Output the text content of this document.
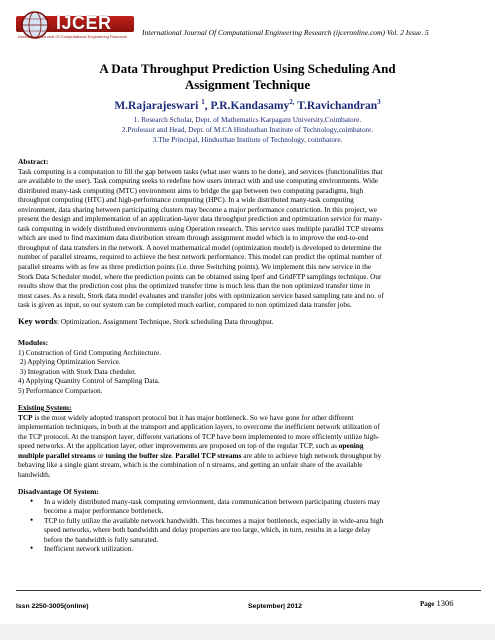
IJCER
International Journal Of Computational Engineering Research International Journal Of Computational Engineering Research (ijceronline.com) Vol. 2 Issue. 5
A Data Throughput Prediction Using Scheduling And
Assignment Technique
M.Rajarajeswari $^1$, P.R.Kandasamy$^{2,}$ T.Ravichandran$^3$
1. Research Scholar, Dept. of Mathematics Karpagam University,Coimbatore.
2.Professor and Head, Dept. of M.CA Hindusthan Institute of Technology,coimbatore.
3.The Principal, Hindusthan Institute of Technology, coimbatore.
Abstract:
Task computing is a computation to fill the gap between tasks (what user wants to be done), and services (functionalities that
are available to the user). Task computing seeks to redefine how users interact with and use computing environments. Wide
distributed many-task computing (MTC) environment aims to bridge the gap between two computing paradigms, high
throughput computing (HTC) and high-performance computing (HPC). In a wide distributed many-task computing
environment, data sharing between participating clusters may become a major performance constriction. In this project, we
present the design and implementation of an application-layer data throughput prediction and optimization service for many-
task computing in widely distributed environments using Operation research. This service uses multiple parallel TCP streams
which are used to find maximum data distribution stream through assignment model which is to improve the end-to-end
throughput of data transfers in the network. A novel mathematical model (optimization model) is developed to determine the
number of parallel streams, required to achieve the best network performance. This model can predict the optimal number of
parallel streams with as few as three prediction points (i.e. three Switching points). We implement this new service in the
Stork Data Scheduler model, where the prediction points can be obtained using Iperf and GridFTP samplings technique. Our
results show that the prediction cost plus the optimized transfer time is much less than the non optimized transfer time in
most cases. As a result, Stork data model evaluates and transfer jobs with optimization service based sampling rate and no. of
task is given as input, so our system can be completed much earlier, compared to non optimized data transfer jobs.
Key words: Optimization, Assignment Technique, Stork scheduling Data throughput.
Modules:
1) Construction of Grid Computing Architecture.
2) Applying Optimization Service.
3) Integration with Stork Data cheduler.
4) Applying Quantity Control of Sampling Data.
5) Performance Comparison.
Existing System:
TCP is the most widely adopted transport protocol but it has major bottleneck. So we have gone for other different
implementation techniques, in both at the transport and application layers, to overcome the inefficient network utilization of
the TCP protocol. At the transport layer, different variations of TCP have been implemented to more efficiently utilize high-
speed networks. At the application layer, other improvements are proposed on top of the regular TCP, such as opening
multiple parallel streams or tuning the buffer size. Parallel TCP streams are able to achieve high network throughput by
behaving like a single giant stream, which is the combination of n streams, and getting an unfair share of the available
bandwidth.
Disadvantage Of System:
• In a widely distributed many-task computing ernvionment, data communication between participating clusters may
become a major performance bottleneck.
• TCP to fully utilize the available network bandwidth. This becomes a major bottleneck, especially in wide-area high
speed networks, where both bandwidth and delay properties are too large, which, in turn, results in a large delay
before the bandwidth is fully saturated.
• Inefficient network utilization.
Issn 2250-3005(online)	September| 2012	Page 1306
